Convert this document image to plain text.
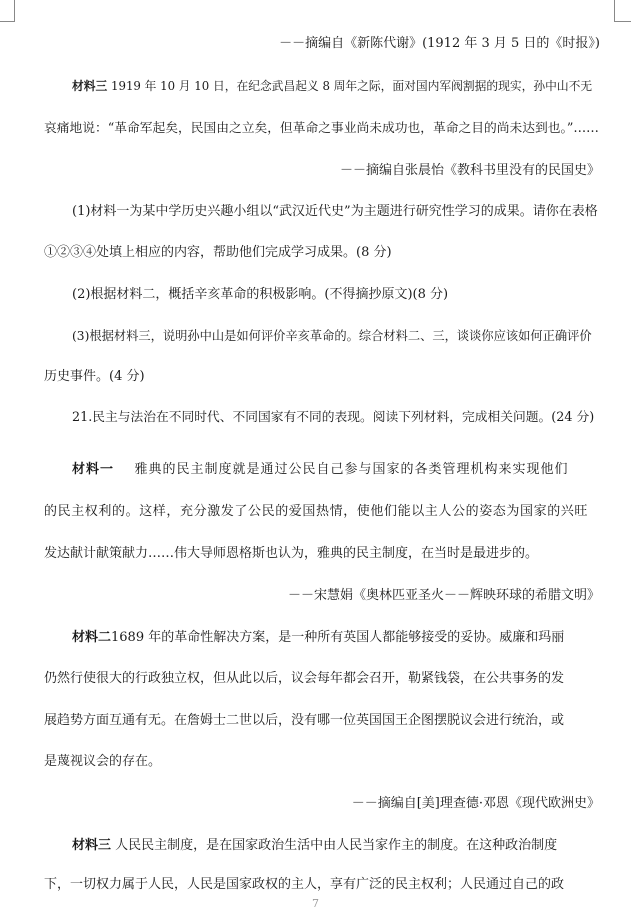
－－摘编自《新陈代谢》(1912 年 3 月 5 日的《时报》)
材料三 1919 年 10 月 10 日，在纪念武昌起义 8 周年之际，面对国内军阀割据的现实，孙中山不无
哀痛地说：“革命军起矣，民国由之立矣，但革命之事业尚未成功也，革命之目的尚未达到也。”……
－－摘编自张晨怡《教科书里没有的民国史》
(1)材料一为某中学历史兴趣小组以“武汉近代史”为主题进行研究性学习的成果。请你在表格
①②③④处填上相应的内容，帮助他们完成学习成果。(8 分)
(2)根据材料二，概括辛亥革命的积极影响。(不得摘抄原文)(8 分)
(3)根据材料三，说明孙中山是如何评价辛亥革命的。综合材料二、三，谈谈你应该如何正确评价
历史事件。(4 分)
21.民主与法治在不同时代、不同国家有不同的表现。阅读下列材料，完成相关问题。(24 分)
材料一 雅典的民主制度就是通过公民自己参与国家的各类管理机构来实现他们
的民主权利的。这样，充分激发了公民的爱国热情，使他们能以主人公的姿态为国家的兴旺
发达献计献策献力……伟大导师恩格斯也认为，雅典的民主制度，在当时是最进步的。
－－宋慧娟《奥林匹亚圣火－－辉映环球的希腊文明》
材料二1689 年的革命性解决方案，是一种所有英国人都能够接受的妥协。威廉和玛丽
仍然行使很大的行政独立权，但从此以后，议会每年都会召开，勒紧钱袋，在公共事务的发
展趋势方面互通有无。在詹姆士二世以后，没有哪一位英国国王企图摆脱议会进行统治，或
是蔑视议会的存在。
－－摘编自[美]理查德·邓恩《现代欧洲史》
材料三 人民民主制度，是在国家政治生活中由人民当家作主的制度。在这种政治制度
下，一切权力属于人民，人民是国家政权的主人，享有广泛的民主权利；人民通过自己的政
7
